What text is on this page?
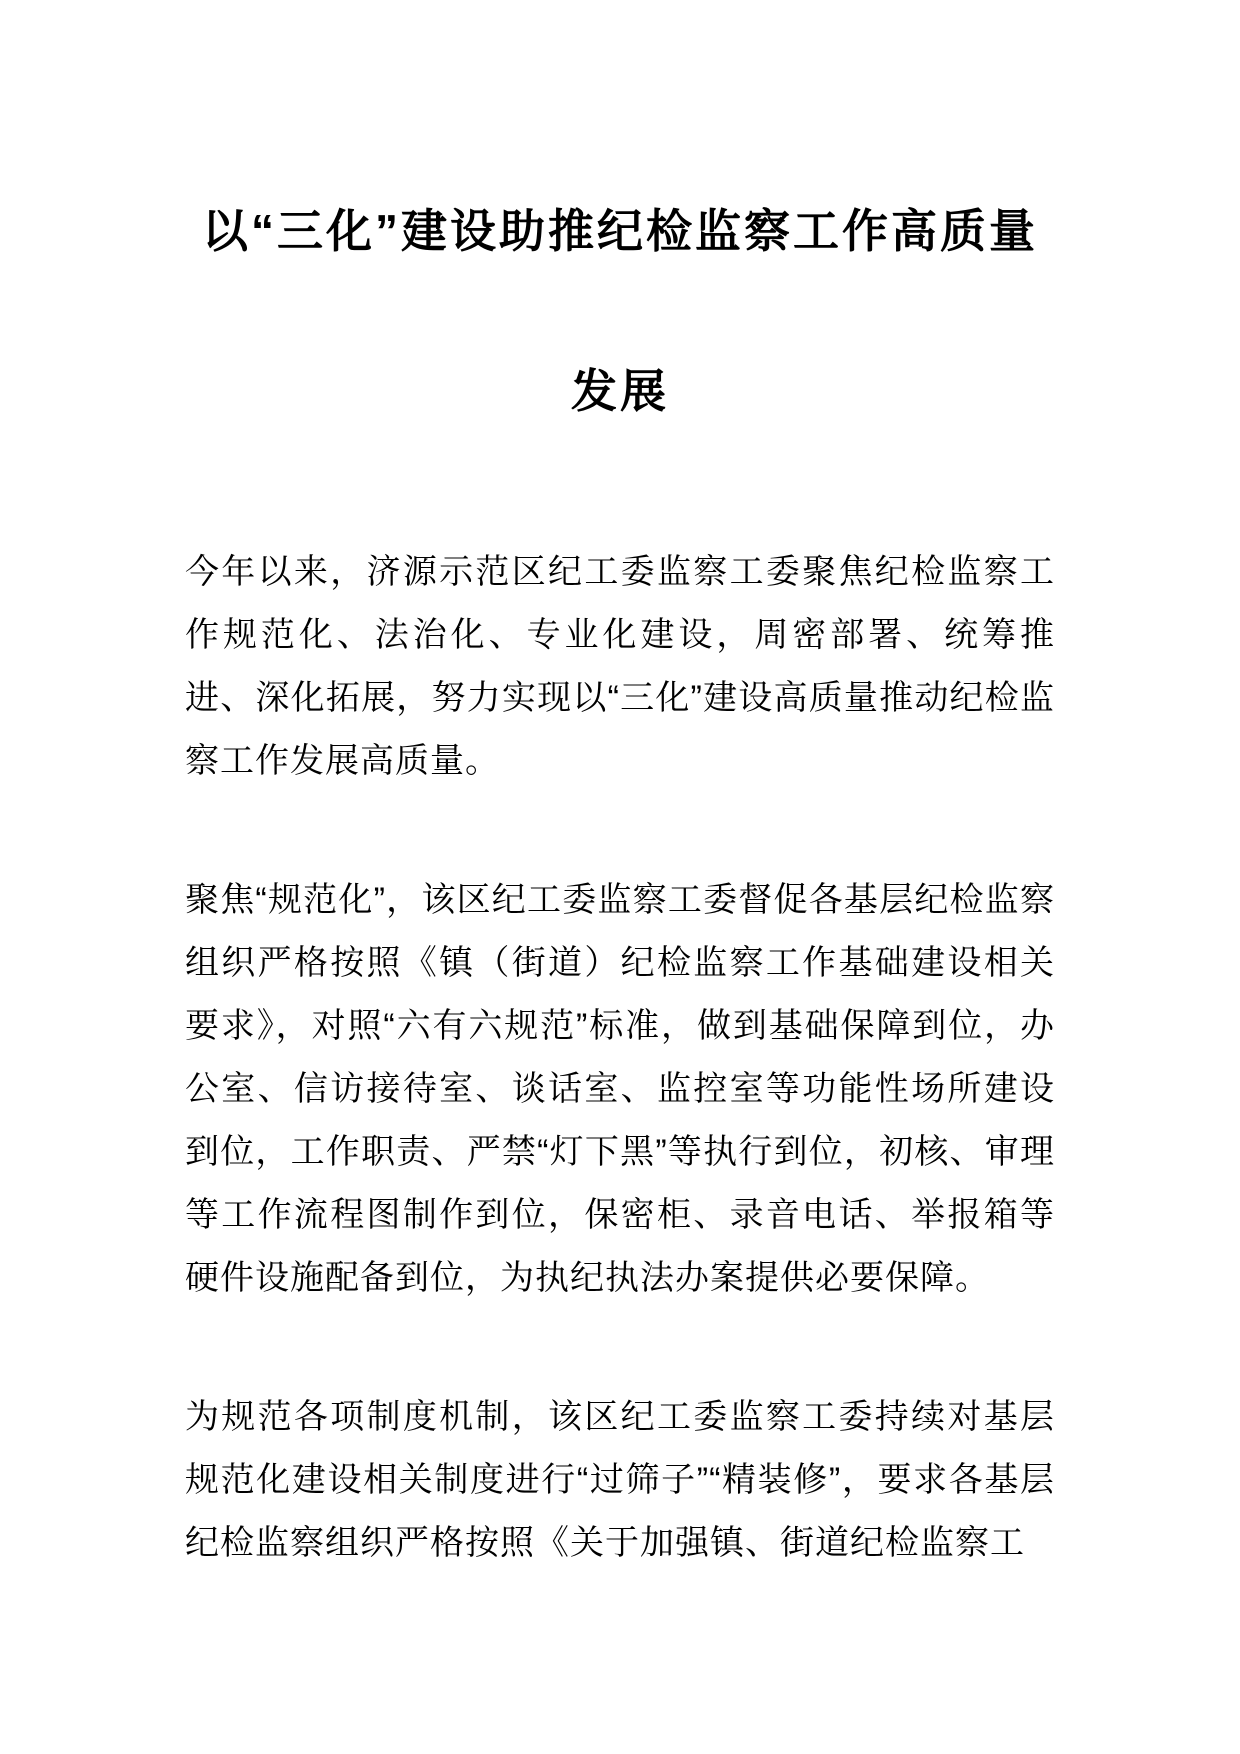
以“三化”建设助推纪检监察工作高质量
发展

今年以来，济源示范区纪工委监察工委聚焦纪检监察工作规范化、法治化、专业化建设，周密部署、统筹推进、深化拓展，努力实现以“三化”建设高质量推动纪检监察工作发展高质量。

聚焦“规范化”，该区纪工委监察工委督促各基层纪检监察组织严格按照《镇（街道）纪检监察工作基础建设相关要求》，对照“六有六规范”标准，做到基础保障到位，办公室、信访接待室、谈话室、监控室等功能性场所建设到位，工作职责、严禁“灯下黑”等执行到位，初核、审理等工作流程图制作到位，保密柜、录音电话、举报箱等硬件设施配备到位，为执纪执法办案提供必要保障。

为规范各项制度机制，该区纪工委监察工委持续对基层规范化建设相关制度进行“过筛子”“精装修”，要求各基层纪检监察组织严格按照《关于加强镇、街道纪检监察工
